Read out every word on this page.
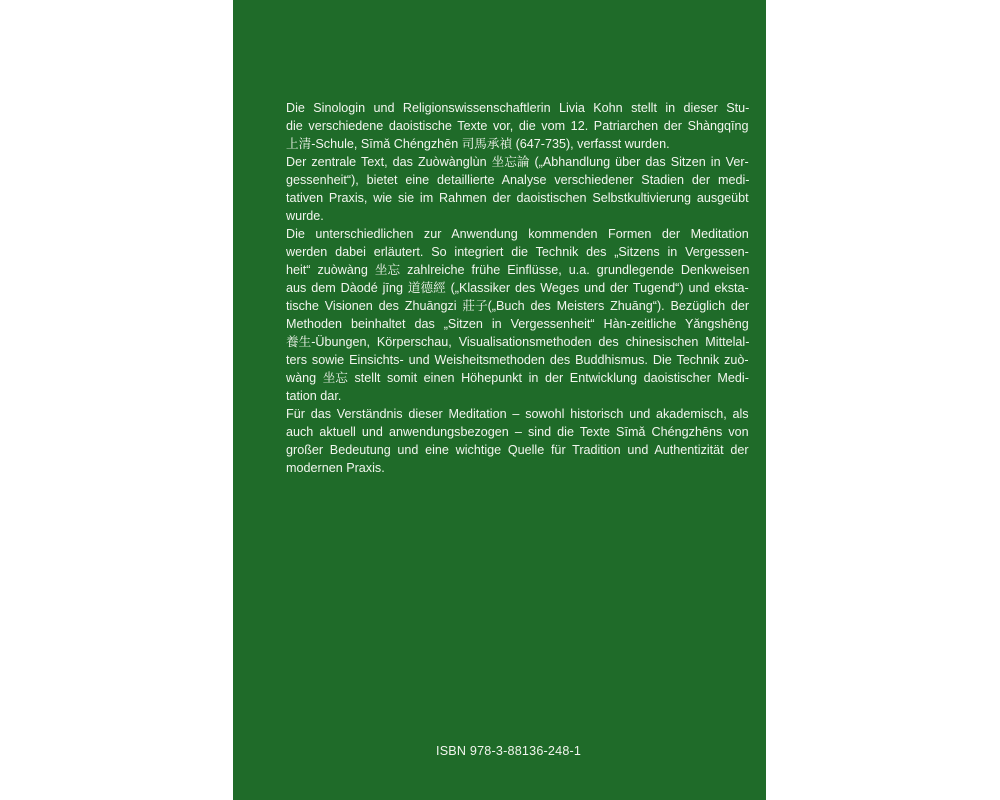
Die Sinologin und Religionswissenschaftlerin Livia Kohn stellt in dieser Stu-
die verschiedene daoistische Texte vor, die vom 12. Patriarchen der Shàngqīng
上清-Schule, Sīmǎ Chéngzhēn 司馬承禎 (647-735), verfasst wurden.
Der zentrale Text, das Zuòwànglùn 坐忘論 („Abhandlung über das Sitzen in Ver-
gessenheit“), bietet eine detaillierte Analyse verschiedener Stadien der medi-
tativen Praxis, wie sie im Rahmen der daoistischen Selbstkultivierung ausgeübt
wurde.
Die unterschiedlichen zur Anwendung kommenden Formen der Meditation
werden dabei erläutert. So integriert die Technik des „Sitzens in Vergessen-
heit“ zuòwàng 坐忘 zahlreiche frühe Einflüsse, u.a. grundlegende Denkweisen
aus dem Dàodé jīng 道德經 („Klassiker des Weges und der Tugend“) und eksta-
tische Visionen des Zhuāngzi 莊子(„Buch des Meisters Zhuāng“). Bezüglich der
Methoden beinhaltet das „Sitzen in Vergessenheit“ Hàn-zeitliche Yǎngshēng
養生-Übungen, Körperschau, Visualisationsmethoden des chinesischen Mittelal-
ters sowie Einsichts- und Weisheitsmethoden des Buddhismus. Die Technik zuò-
wàng 坐忘 stellt somit einen Höhepunkt in der Entwicklung daoistischer Medi-
tation dar.
Für das Verständnis dieser Meditation – sowohl historisch und akademisch, als
auch aktuell und anwendungsbezogen – sind die Texte Sīmǎ Chéngzhēns von
großer Bedeutung und eine wichtige Quelle für Tradition und Authentizität der
modernen Praxis.
ISBN 978-3-88136-248-1
